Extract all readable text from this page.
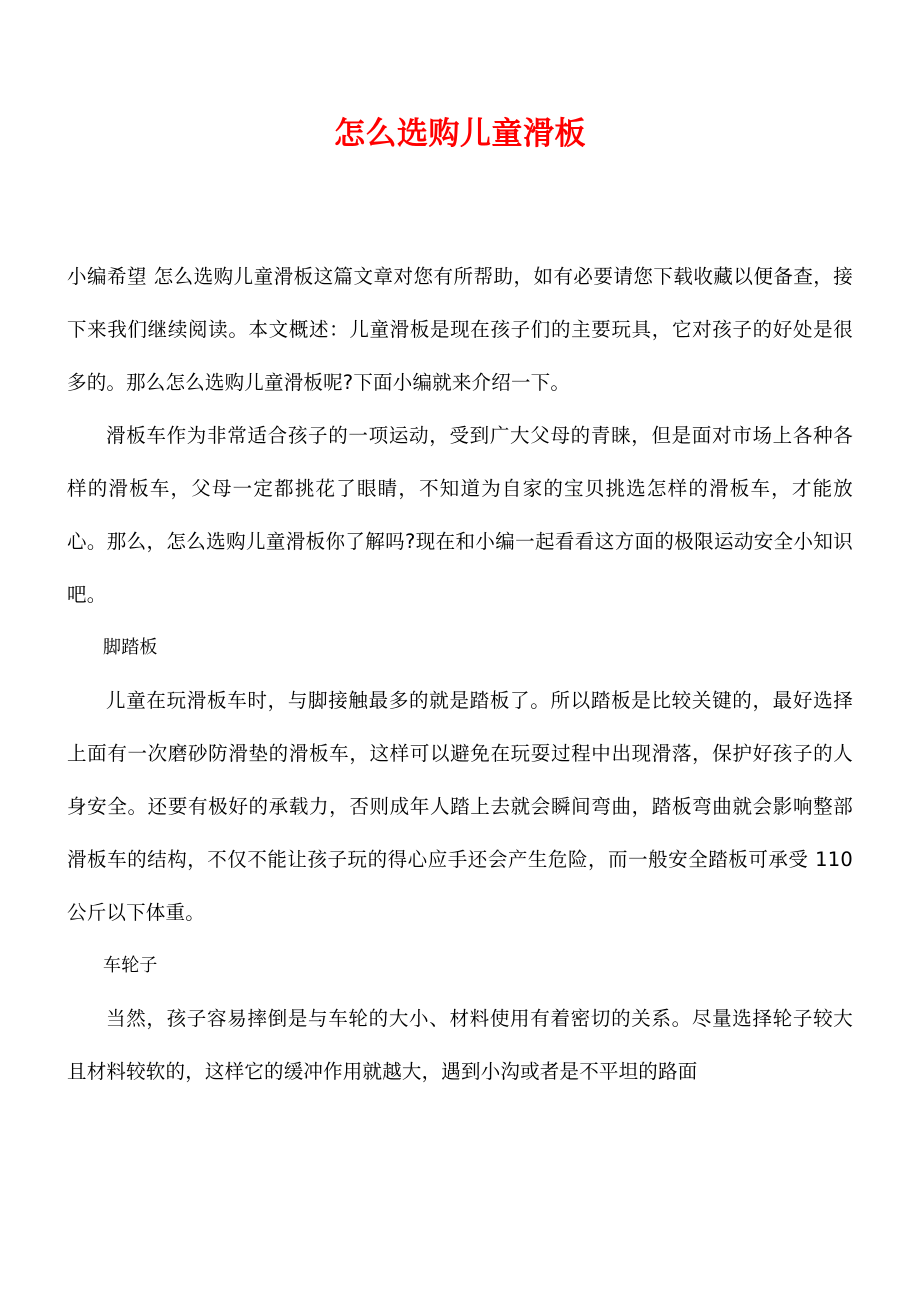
怎么选购儿童滑板

小编希望 怎么选购儿童滑板这篇文章对您有所帮助，如有必要请您下载收藏以便备查，接下来我们继续阅读。本文概述：儿童滑板是现在孩子们的主要玩具，它对孩子的好处是很多的。那么怎么选购儿童滑板呢?下面小编就来介绍一下。

滑板车作为非常适合孩子的一项运动，受到广大父母的青睐，但是面对市场上各种各样的滑板车，父母一定都挑花了眼睛，不知道为自家的宝贝挑选怎样的滑板车，才能放心。那么，怎么选购儿童滑板你了解吗?现在和小编一起看看这方面的极限运动安全小知识吧。

脚踏板

儿童在玩滑板车时，与脚接触最多的就是踏板了。所以踏板是比较关键的，最好选择上面有一次磨砂防滑垫的滑板车，这样可以避免在玩耍过程中出现滑落，保护好孩子的人身安全。还要有极好的承载力，否则成年人踏上去就会瞬间弯曲，踏板弯曲就会影响整部滑板车的结构，不仅不能让孩子玩的得心应手还会产生危险，而一般安全踏板可承受 110 公斤以下体重。

车轮子

当然，孩子容易摔倒是与车轮的大小、材料使用有着密切的关系。尽量选择轮子较大且材料较软的，这样它的缓冲作用就越大，遇到小沟或者是不平坦的路面
